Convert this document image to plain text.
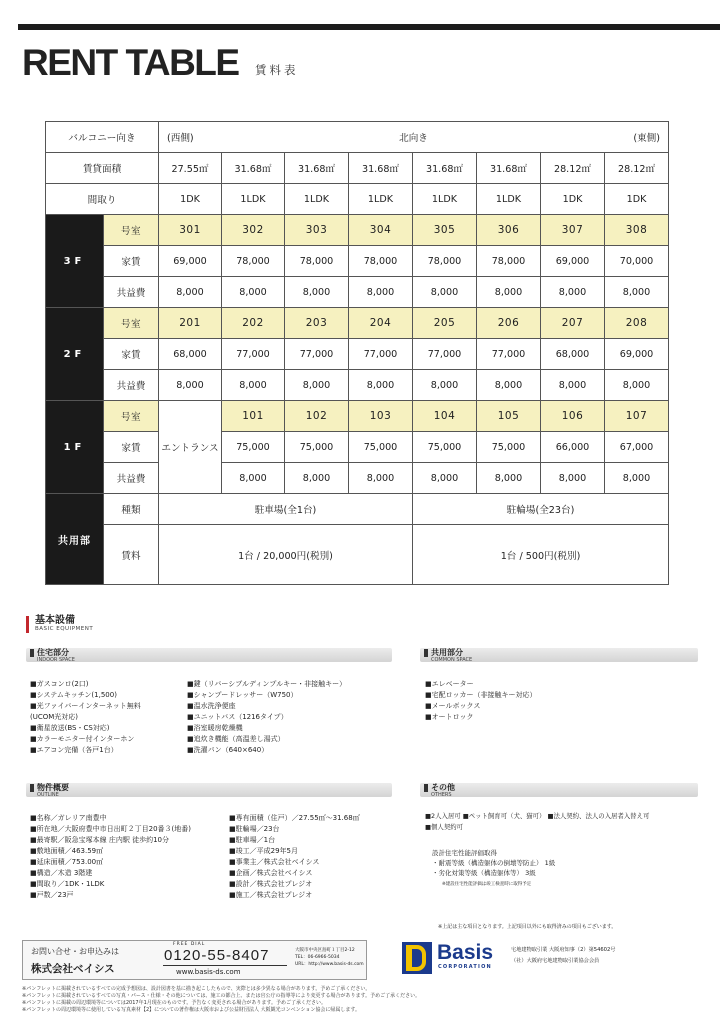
RENT TABLE 賃料表
バルコニー向き		(西側) 北向き (東側)							

賃貸面積		27.55㎡	31.68㎡	31.68㎡	31.68㎡	31.68㎡	31.68㎡	28.12㎡	28.12㎡
間取り		1DK	1LDK	1LDK	1LDK	1LDK	1LDK	1DK	1DK
3F	号室	301	302	303	304	305	306	307	308
	家賃	69,000	78,000	78,000	78,000	78,000	78,000	69,000	70,000
	共益費	8,000	8,000	8,000	8,000	8,000	8,000	8,000	8,000
2F	号室	201	202	203	204	205	206	207	208
	家賃	68,000	77,000	77,000	77,000	77,000	77,000	68,000	69,000
	共益費	8,000	8,000	8,000	8,000	8,000	8,000	8,000	8,000
1F	号室	エントランス	101	102	103	104	105	106	107
	家賃		75,000	75,000	75,000	75,000	75,000	66,000	67,000
	共益費		8,000	8,000	8,000	8,000	8,000	8,000	8,000
共用部	種類	駐車場(全1台)				駐輪場(全23台)			
	賃料	1台 / 20,000円(税別)				1台 / 500円(税別)			
基本設備
BASIC EQUIPMENT
住宅部分
INDOOR SPACE
■ガスコンロ(2口)
■システムキッチン(1,500)
■光ファイバーインターネット無料
(UCOM光対応)
■衛星放送(BS・CS対応)
■カラーモニター付インターホン
■エアコン完備（各戸1台）
■鍵（リバーシブルディンプルキー・非接触キー）
■シャンプードレッサー（W750）
■温水洗浄便座
■ユニットバス（1216タイプ）
■浴室暖房乾燥機
■追炊き機能（高温差し湯式）
■洗濯パン（640×640）
共用部分
COMMON SPACE
■エレベーター
■宅配ロッカー（非接触キー対応）
■メールボックス
■オートロック
物件概要
OUTLINE
■名称／ガレリア南豊中
■所在地／大阪府豊中市日出町２丁目20番３(地番)
■最寄駅／阪急宝塚本線 庄内駅 徒歩約10分
■敷地面積／463.59㎡
■延床面積／753.00㎡
■構造／木造 3階建
■間取り／1DK・1LDK
■戸数／23戸
■専有面積（住戸）／27.55㎡〜31.68㎡
■駐輪場／23台
■駐車場／1台
■竣工／平成29年5月
■事業主／株式会社ベイシス
■企画／株式会社ベイシス
■設計／株式会社プレジオ
■施工／株式会社プレジオ
その他
OTHERS
■2人入居可 ■ペット飼育可（犬、猫可） ■法人契約、法人の入居者入替え可
■個人契約可
設計住宅性能評価取得
・耐震等級（構造躯体の倒壊等防止） 1級
・劣化対策等級（構造躯体等） 3級
※建設住宅性能評価は竣工検査時に取得予定
※上記は主な項目となります。上記項目以外にも取得済みの項目もございます。
お問い合せ・お申込みは
株式会社ベイシス
FREE DIAL
0120-55-8407
www.basis-ds.com
大阪市中央区島町１丁目2-12
TEL：06-6966-5034
URL：http://www.basis-ds.com
Basis
CORPORATION
宅地建物取引業 大阪府知事（2）第54602号
（社）大阪府宅地建物取引業協会会員
※パンフレットに掲載されているすべての完成予想図は、設計図書を基に描き起こしたもので、実際とは多少異なる場合があります。予めご了承ください。
※パンフレットに掲載されているすべての写真・パース・仕様・その他については、施工の都合上、または官公庁の指導等により変更する場合があります。予めご了承ください。
※パンフレットに掲載の周辺環境等については2017年1月現在のものです。予告なく変更される場合があります。予めご了承ください。
※パンフレットの周辺環境等に使用している写真素材【2】についての著作権は大阪市および公益財団法人 大阪観光コンベンション協会に帰属します。
